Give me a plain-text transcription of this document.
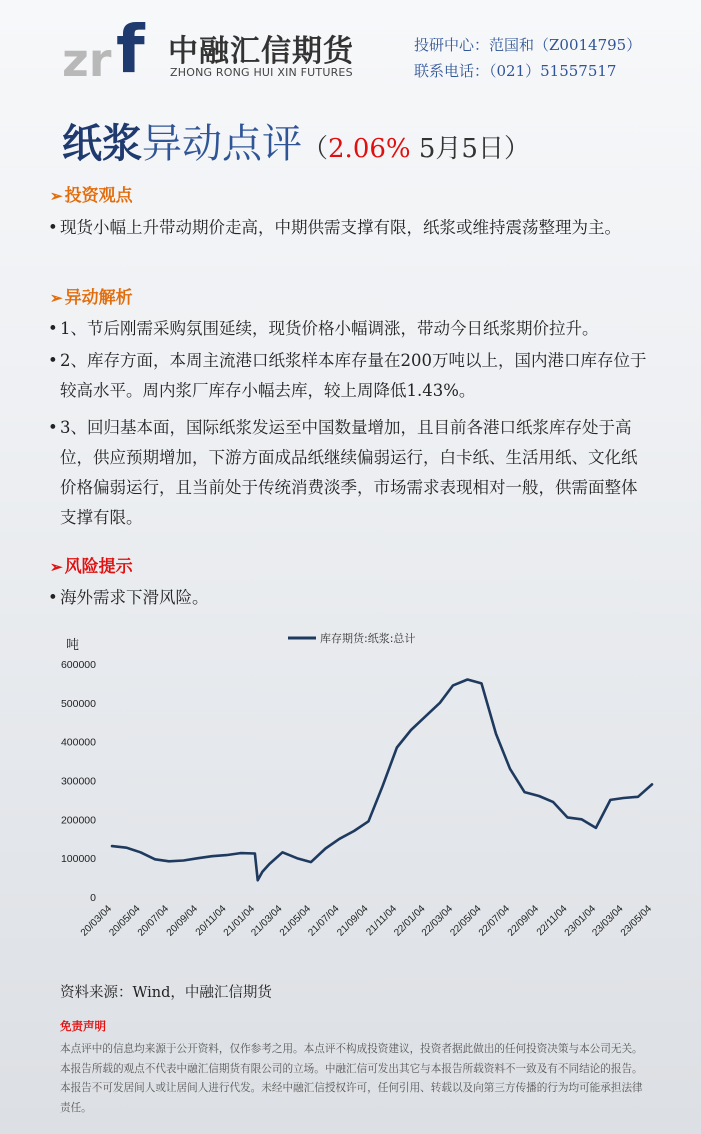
zr f 中融汇信期货
ZHONG RONG HUI XIN FUTURES
投研中心：范国和（Z0014795）
联系电话：（021）51557517
纸浆异动点评（2.06% 5月5日）
➢ 投资观点
• 现货小幅上升带动期价走高，中期供需支撑有限，纸浆或维持震荡整理为主。
➢ 异动解析
• 1、节后刚需采购氛围延续，现货价格小幅调涨，带动今日纸浆期价拉升。
• 2、库存方面，本周主流港口纸浆样本库存量在200万吨以上，国内港口库存位于较高水平。周内浆厂库存小幅去库，较上周降低1.43%。
• 3、回归基本面，国际纸浆发运至中国数量增加，且目前各港口纸浆库存处于高位，供应预期增加，下游方面成品纸继续偏弱运行，白卡纸、生活用纸、文化纸价格偏弱运行，且当前处于传统消费淡季，市场需求表现相对一般，供需面整体支撑有限。
➢ 风险提示
• 海外需求下滑风险。
吨
0
100000
200000
300000
400000
500000
600000
20/03/04
20/05/04
20/07/04
20/09/04
20/11/04
21/01/04
21/03/04
21/05/04
21/07/04
21/09/04
21/11/04
22/01/04
22/03/04
22/05/04
22/07/04
22/09/04
22/11/04
23/01/04
23/03/04
23/05/04
库存期货:纸浆:总计
资料来源：Wind，中融汇信期货
免责声明
本点评中的信息均来源于公开资料，仅作参考之用。本点评不构成投资建议，投资者据此做出的任何投资决策与本公司无关。本报告所载的观点不代表中融汇信期货有限公司的立场。中融汇信可发出其它与本报告所载资料不一致及有不同结论的报告。本报告不可发居间人或让居间人进行代发。未经中融汇信授权许可，任何引用、转载以及向第三方传播的行为均可能承担法律责任。
